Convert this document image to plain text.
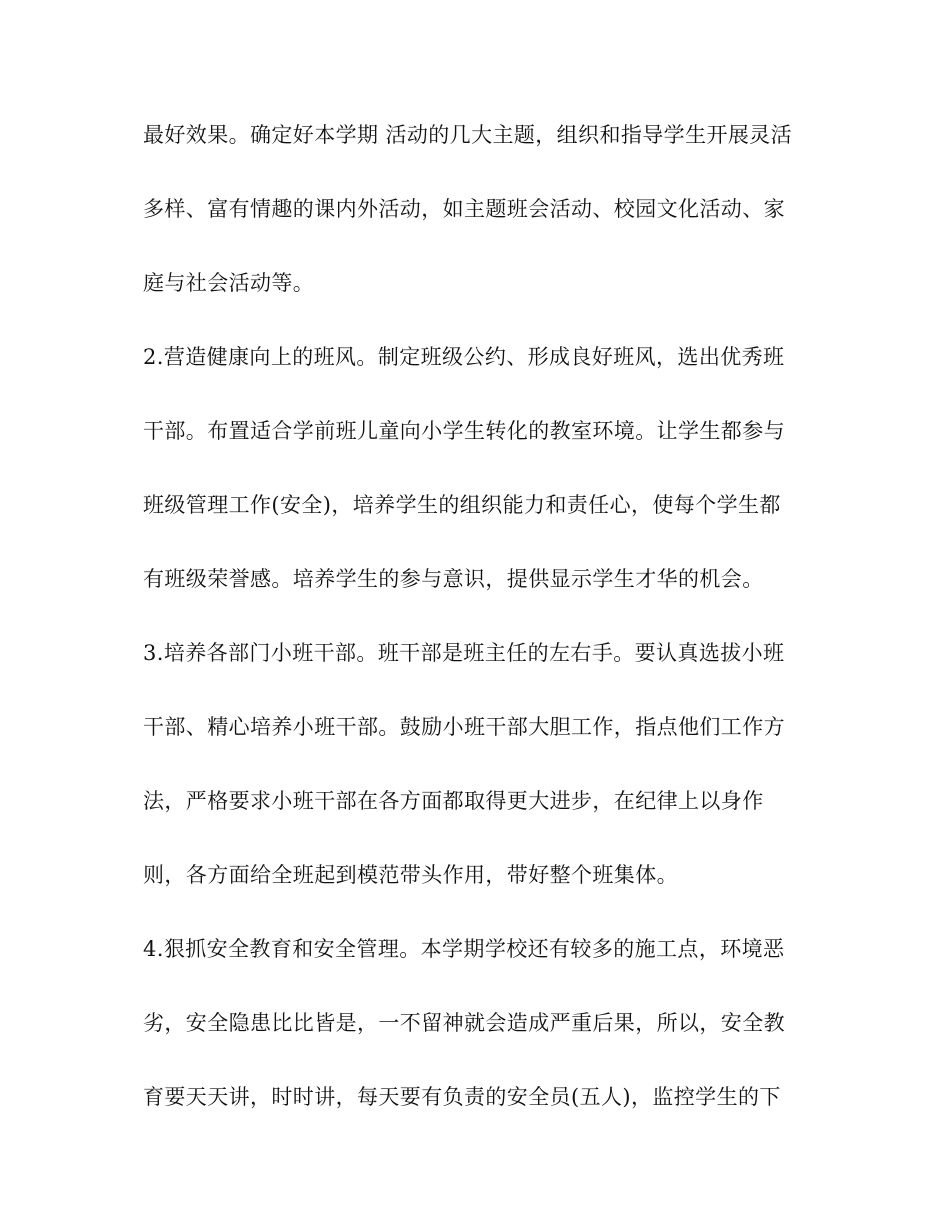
最好效果。确定好本学期 活动的几大主题，组织和指导学生开展灵活
多样、富有情趣的课内外活动，如主题班会活动、校园文化活动、家
庭与社会活动等。
2.营造健康向上的班风。制定班级公约、形成良好班风，选出优秀班
干部。布置适合学前班儿童向小学生转化的教室环境。让学生都参与
班级管理工作(安全)，培养学生的组织能力和责任心，使每个学生都
有班级荣誉感。培养学生的参与意识，提供显示学生才华的机会。
3.培养各部门小班干部。班干部是班主任的左右手。要认真选拔小班
干部、精心培养小班干部。鼓励小班干部大胆工作，指点他们工作方
法，严格要求小班干部在各方面都取得更大进步，在纪律上以身作
则，各方面给全班起到模范带头作用，带好整个班集体。
4.狠抓安全教育和安全管理。本学期学校还有较多的施工点，环境恶
劣，安全隐患比比皆是，一不留神就会造成严重后果，所以，安全教
育要天天讲，时时讲，每天要有负责的安全员(五人)，监控学生的下
